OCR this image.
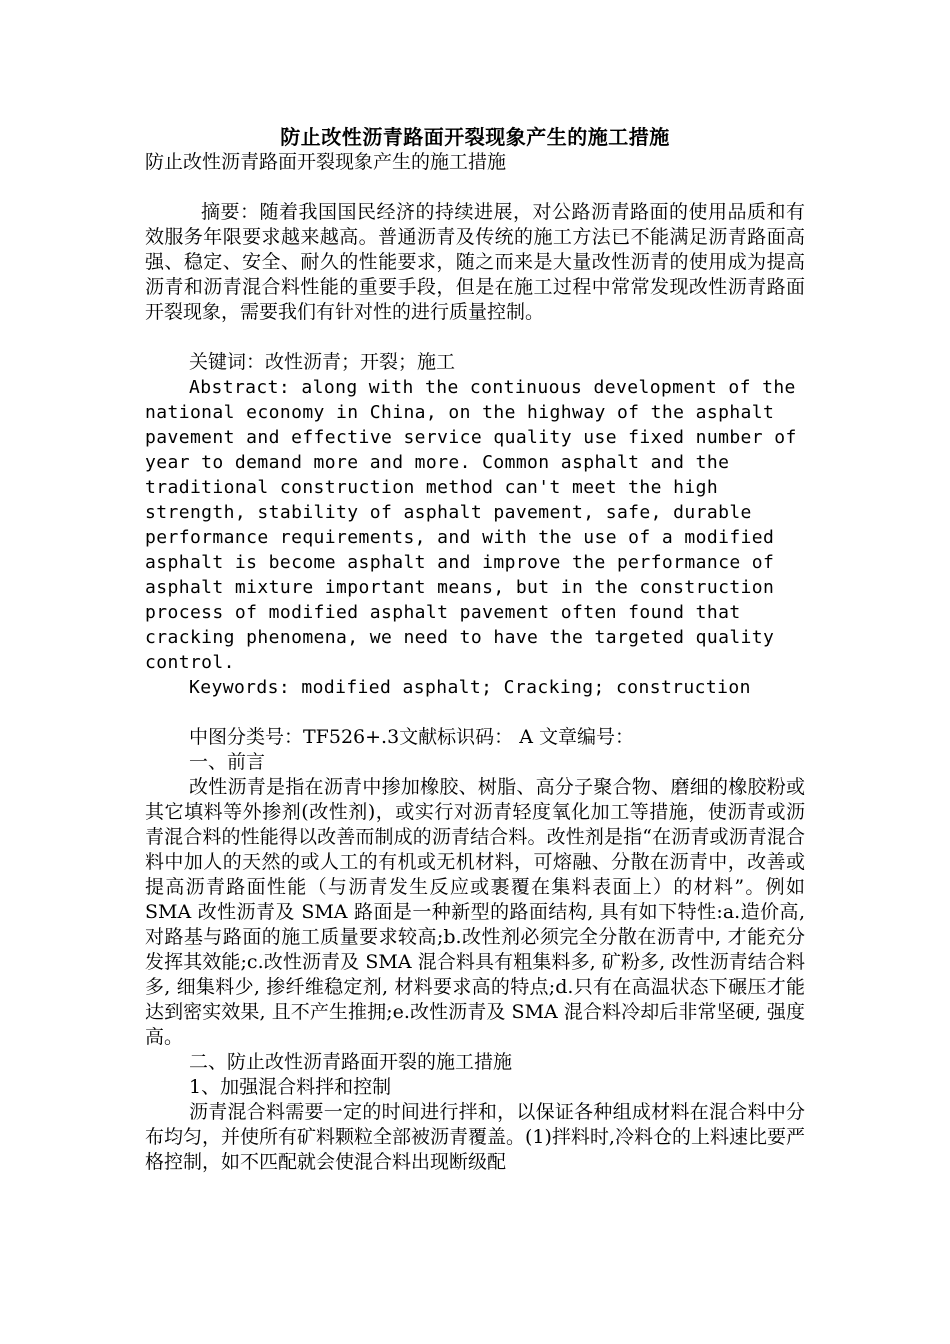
防止改性沥青路面开裂现象产生的施工措施

防止改性沥青路面开裂现象产生的施工措施

摘要：随着我国国民经济的持续进展，对公路沥青路面的使用品质和有效服务年限要求越来越高。普通沥青及传统的施工方法已不能满足沥青路面高强、稳定、安全、耐久的性能要求，随之而来是大量改性沥青的使用成为提高沥青和沥青混合料性能的重要手段，但是在施工过程中常常发现改性沥青路面开裂现象，需要我们有针对性的进行质量控制。

关键词：改性沥青；开裂；施工

Abstract: along with the continuous development of the national economy in China, on the highway of the asphalt pavement and effective service quality use fixed number of year to demand more and more. Common asphalt and the traditional construction method can't meet the high strength, stability of asphalt pavement, safe, durable performance requirements, and with the use of a modified asphalt is become asphalt and improve the performance of asphalt mixture important means, but in the construction process of modified asphalt pavement often found that cracking phenomena, we need to have the targeted quality control.

Keywords: modified asphalt; Cracking; construction

中图分类号：TF526+.3文献标识码： A 文章编号：

一、前言

改性沥青是指在沥青中掺加橡胶、树脂、高分子聚合物、磨细的橡胶粉或其它填料等外掺剂(改性剂)，或实行对沥青轻度氧化加工等措施，使沥青或沥青混合料的性能得以改善而制成的沥青结合料。改性剂是指“在沥青或沥青混合料中加人的天然的或人工的有机或无机材料，可熔融、分散在沥青中，改善或提高沥青路面性能（与沥青发生反应或裹覆在集料表面上）的材料”。例如SMA 改性沥青及 SMA 路面是一种新型的路面结构, 具有如下特性:a.造价高,对路基与路面的施工质量要求较高;b.改性剂必须完全分散在沥青中, 才能充分发挥其效能;c.改性沥青及 SMA 混合料具有粗集料多, 矿粉多, 改性沥青结合料多, 细集料少, 掺纤维稳定剂, 材料要求高的特点;d.只有在高温状态下碾压才能达到密实效果, 且不产生推拥;e.改性沥青及 SMA 混合料冷却后非常坚硬, 强度高。

二、防止改性沥青路面开裂的施工措施

1、加强混合料拌和控制

沥青混合料需要一定的时间进行拌和，以保证各种组成材料在混合料中分布均匀，并使所有矿料颗粒全部被沥青覆盖。(1)拌料时,冷料仓的上料速比要严格控制，如不匹配就会使混合料出现断级配
